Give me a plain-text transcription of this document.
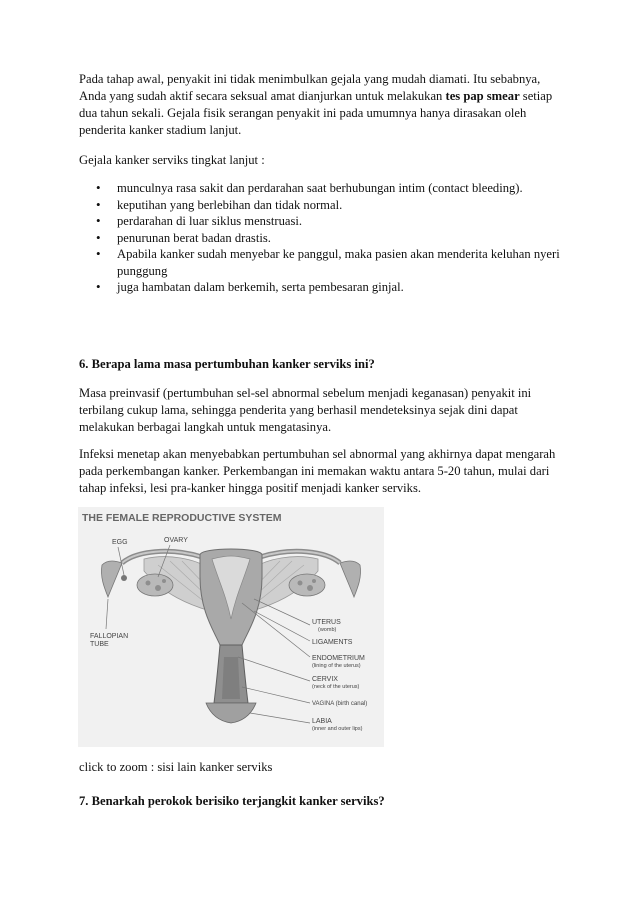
Pada tahap awal, penyakit ini tidak menimbulkan gejala yang mudah diamati. Itu sebabnya, Anda yang sudah aktif secara seksual amat dianjurkan untuk melakukan tes pap smear setiap dua tahun sekali. Gejala fisik serangan penyakit ini pada umumnya hanya dirasakan oleh penderita kanker stadium lanjut.

Gejala kanker serviks tingkat lanjut :

• munculnya rasa sakit dan perdarahan saat berhubungan intim (contact bleeding).
• keputihan yang berlebihan dan tidak normal.
• perdarahan di luar siklus menstruasi.
• penurunan berat badan drastis.
• Apabila kanker sudah menyebar ke panggul, maka pasien akan menderita keluhan nyeri punggung
• juga hambatan dalam berkemih, serta pembesaran ginjal.

6. Berapa lama masa pertumbuhan kanker serviks ini?

Masa preinvasif (pertumbuhan sel-sel abnormal sebelum menjadi keganasan) penyakit ini terbilang cukup lama, sehingga penderita yang berhasil mendeteksinya sejak dini dapat melakukan berbagai langkah untuk mengatasinya.

Infeksi menetap akan menyebabkan pertumbuhan sel abnormal yang akhirnya dapat mengarah pada perkembangan kanker. Perkembangan ini memakan waktu antara 5-20 tahun, mulai dari tahap infeksi, lesi pra-kanker hingga positif menjadi kanker serviks.

THE FEMALE REPRODUCTIVE SYSTEM
EGG	OVARY
FALLOPIAN
TUBE
UTERUS
(womb)
LIGAMENTS
ENDOMETRIUM
(lining of the uterus)
CERVIX
(neck of the uterus)
VAGINA (birth canal)
LABIA
(inner and outer lips)

click to zoom : sisi lain kanker serviks

7. Benarkah perokok berisiko terjangkit kanker serviks?
